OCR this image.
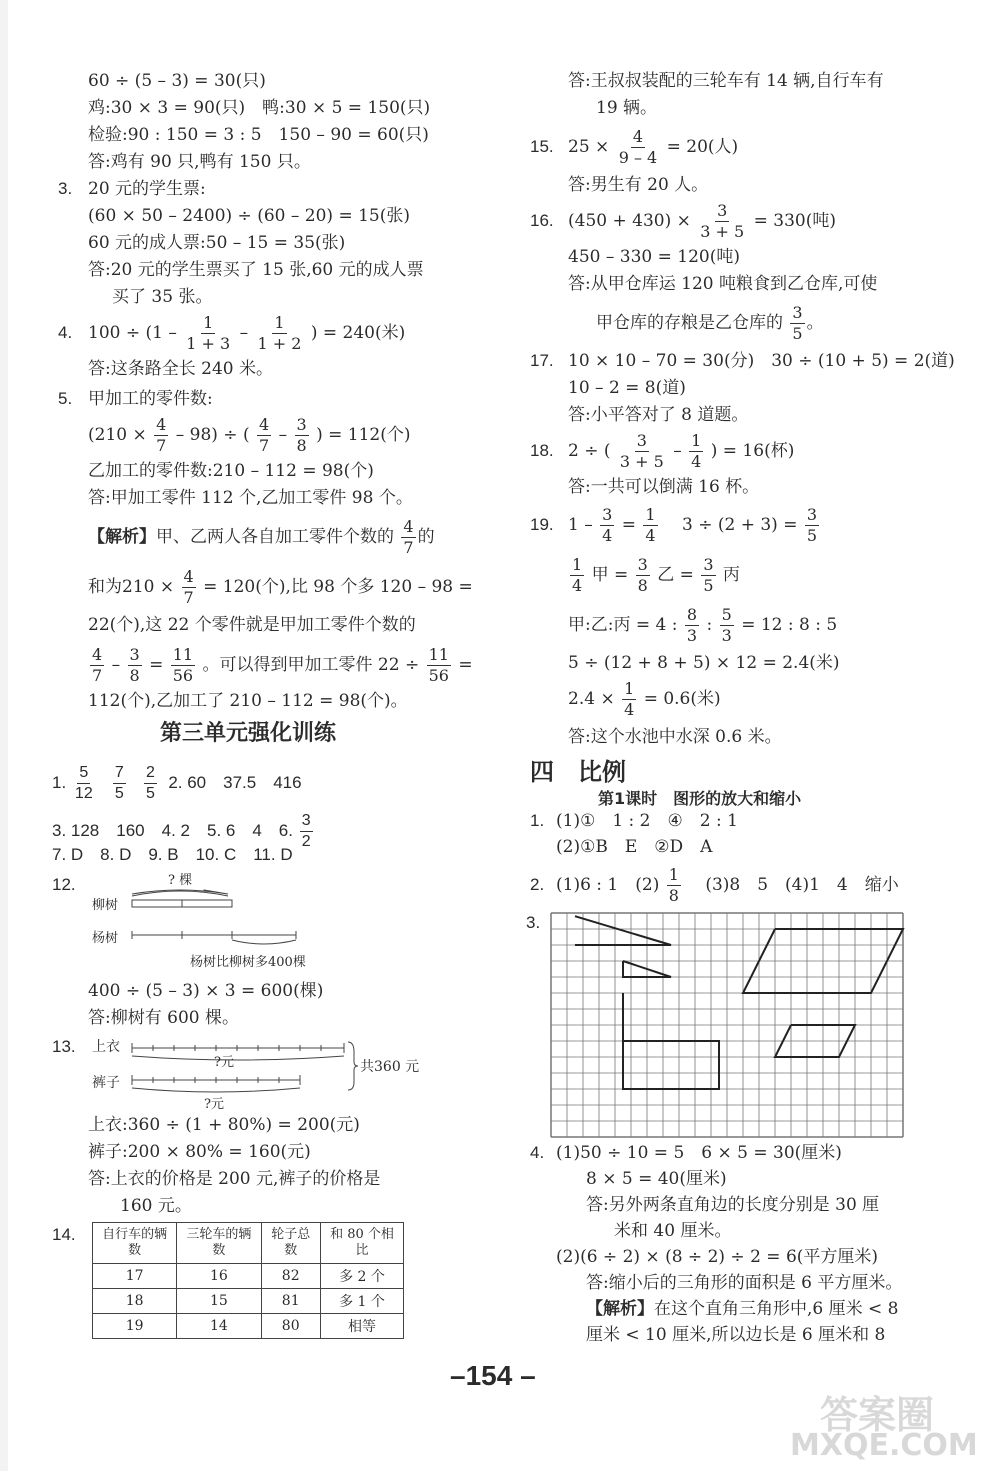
60 ÷ (5 – 3) = 30(只)
鸡:30 × 3 = 90(只)　鸭:30 × 5 = 150(只)
检验:90 : 150 = 3 : 5　150 – 90 = 60(只)
答:鸡有 90 只,鸭有 150 只。
3. 20 元的学生票:
(60 × 50 – 2400) ÷ (60 – 20) = 15(张)
60 元的成人票:50 – 15 = 35(张)
答:20 元的学生票买了 15 张,60 元的成人票
买了 35 张。
4. $100 \div (1 - \frac{1}{1 + 3} - \frac{1}{1 + 2}$ ) = 240(米)
答:这条路全长 240 米。
5. 甲加工的零件数:
$(210 \times \frac{4}{7} - 98)$ ÷ ( $\frac{4}{7} - \frac{3}{8}$ ) = 112(个)
乙加工的零件数:210 – 112 = 98(个)
答:甲加工零件 112 个,乙加工零件 98 个。
【解析】甲、乙两人各自加工零件个数的 $\frac{4}{7}$ 的
和为$210 \times \frac{4}{7} = 120$(个),比 98 个多 120 – 98 =
22(个),这 22 个零件就是甲加工零件个数的
$\frac{4}{7} - \frac{3}{8} = \frac{11}{56}$ 。可以得到甲加工零件 $22 \div \frac{11}{56}$ =
112(个),乙加工了 210 – 112 = 98(个)。
第三单元强化训练
1. $\frac{5}{12}$
$\frac{7}{5}$
$\frac{2}{5} 2$. 60　37.5　416
3. 128　160　4. 2　5. 6　4　6. $\frac{3}{2}$
7. D　8. D　9. B　10. C　11. D
12.	? 棵
柳树
杨树
杨树比柳树多400棵
400 ÷ (5 – 3) × 3 = 600(棵)
答:柳树有 600 棵。
13. 上衣
裤子
?元
?元
共360 元
上衣:360 ÷ (1 + 80%) = 200(元)
裤子:200 × 80% = 160(元)
答:上衣的价格是 200 元,裤子的价格是
160 元。
14. 自行车的辆数	三轮车的辆数	轮子总数	和 80 个相比
17	16	82	多 2 个
18	15	81	多 1 个
19	14	80	相等
答:王叔叔装配的三轮车有 14 辆,自行车有
19 辆。
15. $25 \times \frac{4}{9 - 4} = 20$(人)
答:男生有 20 人。
16. $(450 + 430) \times \frac{3}{3 + 5} = 330$(吨)
450 – 330 = 120(吨)
答:从甲仓库运 120 吨粮食到乙仓库,可使
甲仓库的存粮是乙仓库的 $\frac{3}{5}$ 。
17. 10 × 10 – 70 = 30(分)　30 ÷ (10 + 5) = 2(道)
10 – 2 = 8(道)
答:小平答对了 8 道题。
18. 2 ÷ ( $\frac{3}{3 + 5} - \frac{1}{4}$ ) = 16(杯)
答:一共可以倒满 16 杯。
19. $1 - \frac{3}{4} = \frac{1}{4}$ 　$3 \div (2 + 3) = \frac{3}{5}$
$\frac{1}{4}$ 甲 = $\frac{3}{8}$ 乙 = $\frac{3}{5}$ 丙
甲:乙:丙 = 4 : $\frac{8}{3}$ : $\frac{5}{3} = 12$ : 8 : 5
5 ÷ (12 + 8 + 5) × 12 = 2.4(米)
$2.4 \times \frac{1}{4} = 0.6$(米)
答:这个水池中水深 0.6 米。
四　比例
第1课时　图形的放大和缩小
1. (1)①　1 : 2　④　2 : 1
(2)①B　E　②D　A
2. (1)6 : 1　$(2) \frac{1}{8}$ 　(3)8　5　(4)1　4　缩小
3.
4. (1)50 ÷ 10 = 5　6 × 5 = 30(厘米)
8 × 5 = 40(厘米)
答:另外两条直角边的长度分别是 30 厘
米和 40 厘米。
(2)(6 ÷ 2) × (8 ÷ 2) ÷ 2 = 6(平方厘米)
答:缩小后的三角形的面积是 6 平方厘米。
【解析】在这个直角三角形中,6 厘米 < 8
厘米 < 10 厘米,所以边长是 6 厘米和 8
–154 –
答案圈
MXQE.COM
